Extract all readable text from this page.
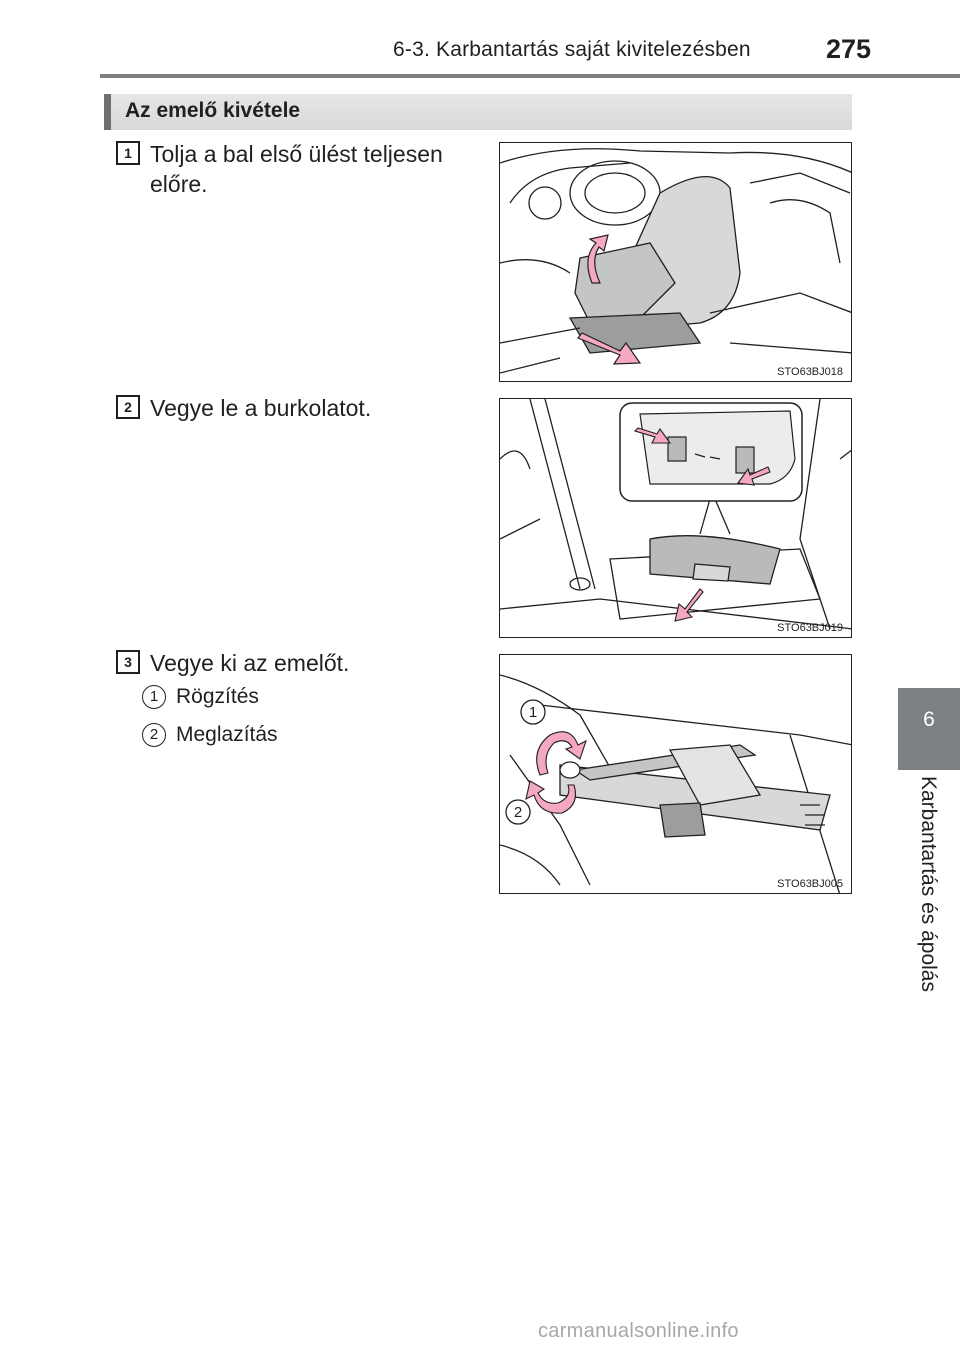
6-3. Karbantartás saját kivitelezésben	275
6
Karbantartás és ápolás
Az emelő kivétele
1 Tolja a bal első ülést teljesen
előre.
STO63BJ018
2 Vegye le a burkolatot.
STO63BJ019
3 Vegye ki az emelőt.
1 Rögzítés
2 Meglazítás
1
2
STO63BJ005
carmanualsonline.info
